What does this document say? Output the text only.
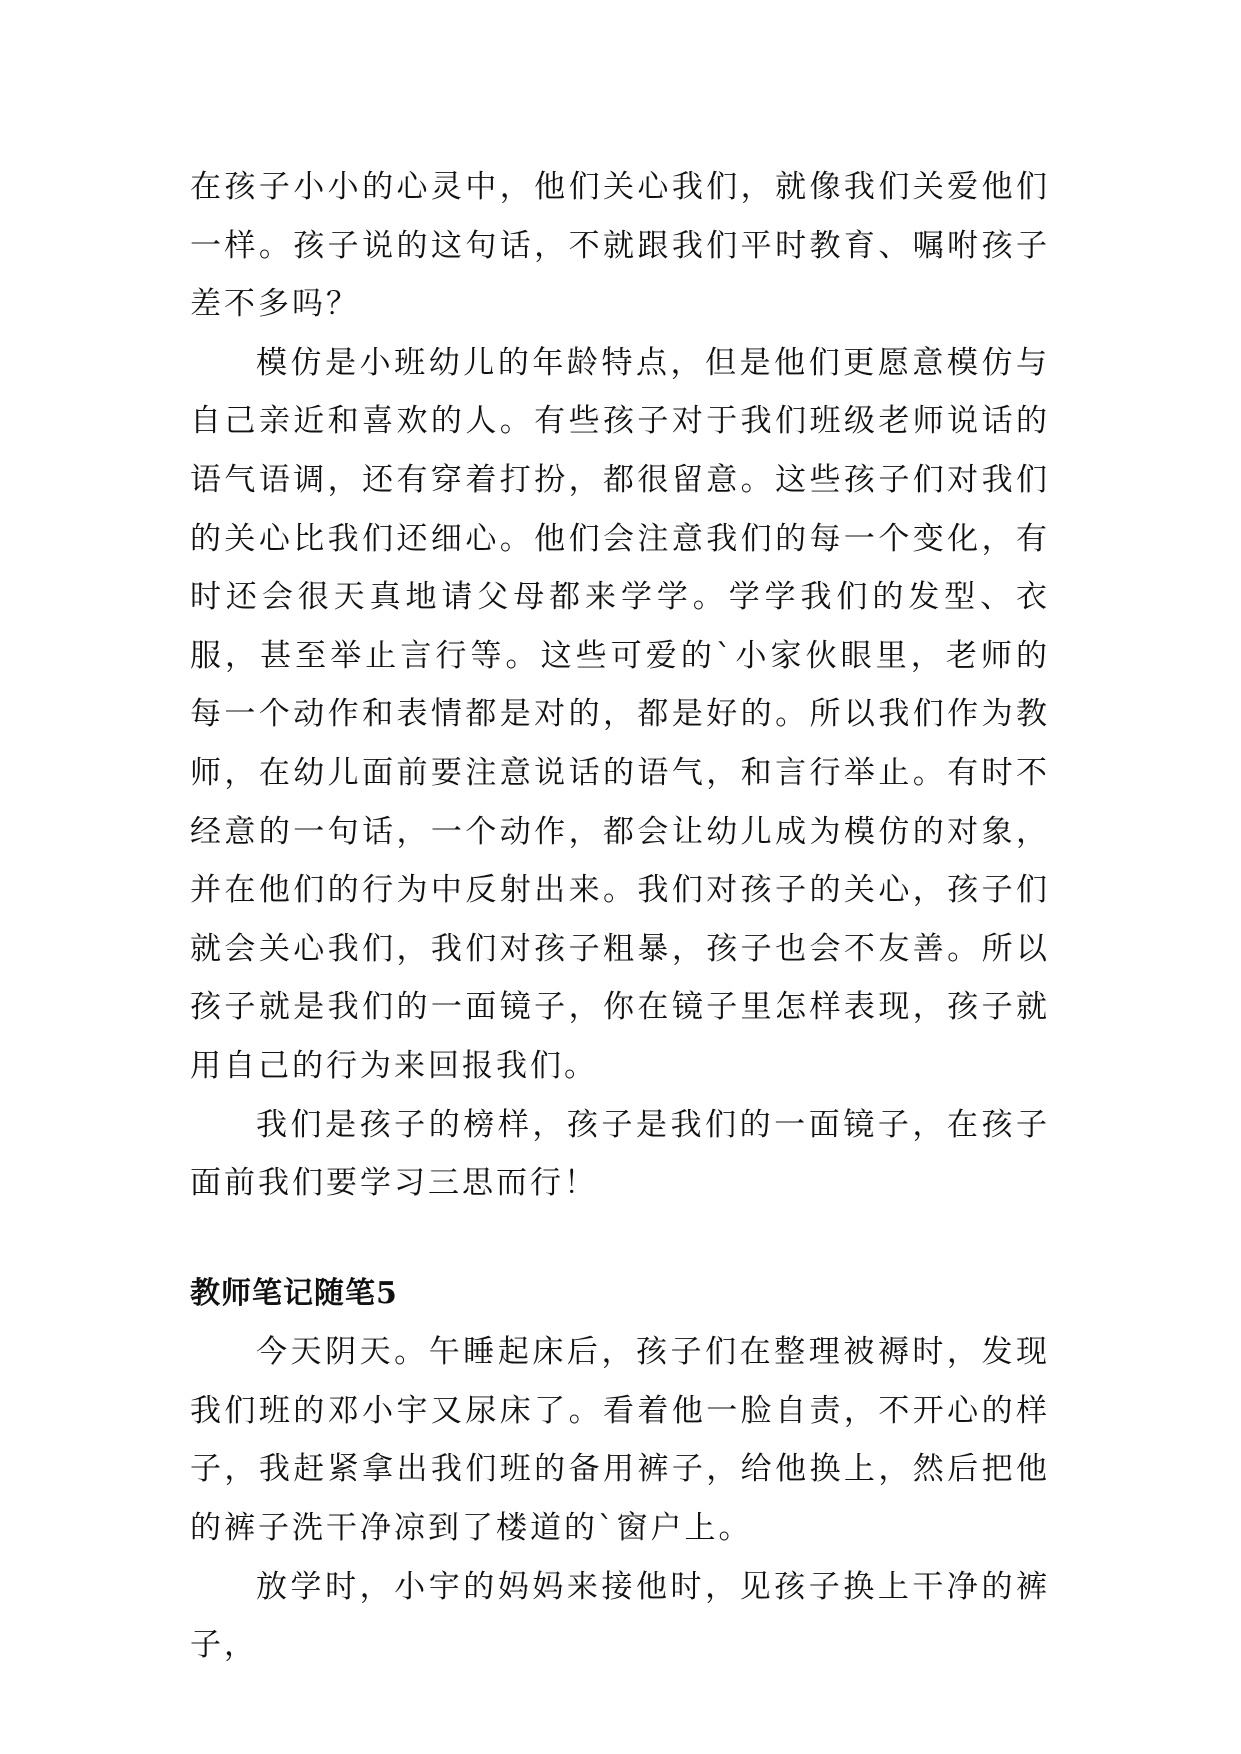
在孩子小小的心灵中，他们关心我们，就像我们关爱他们一样。孩子说的这句话，不就跟我们平时教育、嘱咐孩子差不多吗？

模仿是小班幼儿的年龄特点，但是他们更愿意模仿与自己亲近和喜欢的人。有些孩子对于我们班级老师说话的语气语调，还有穿着打扮，都很留意。这些孩子们对我们的关心比我们还细心。他们会注意我们的每一个变化，有时还会很天真地请父母都来学学。学学我们的发型、衣服，甚至举止言行等。这些可爱的`小家伙眼里，老师的每一个动作和表情都是对的，都是好的。所以我们作为教师，在幼儿面前要注意说话的语气，和言行举止。有时不经意的一句话，一个动作，都会让幼儿成为模仿的对象，并在他们的行为中反射出来。我们对孩子的关心，孩子们就会关心我们，我们对孩子粗暴，孩子也会不友善。所以孩子就是我们的一面镜子，你在镜子里怎样表现，孩子就用自己的行为来回报我们。

我们是孩子的榜样，孩子是我们的一面镜子，在孩子面前我们要学习三思而行！

教师笔记随笔5

今天阴天。午睡起床后，孩子们在整理被褥时，发现我们班的邓小宇又尿床了。看着他一脸自责，不开心的样子，我赶紧拿出我们班的备用裤子，给他换上，然后把他的裤子洗干净凉到了楼道的`窗户上。

放学时，小宇的妈妈来接他时，见孩子换上干净的裤子，
